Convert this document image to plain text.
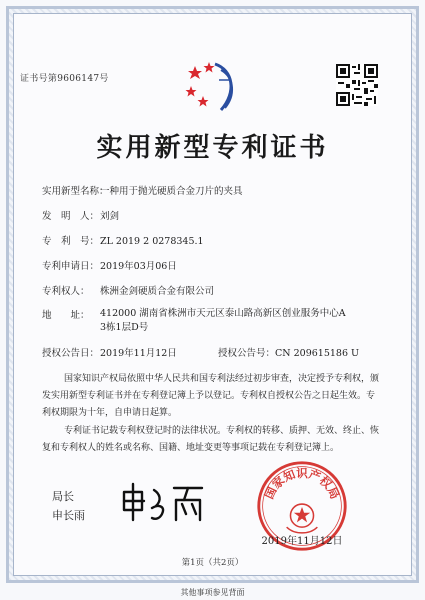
证书号第9606147号
实用新型专利证书
实用新型名称：一种用于抛光硬质合金刀片的夹具
发　明　人：刘剑
专　利　号：ZL 2019 2 0278345.1
专利申请日：2019年03月06日
专利权人： 株洲金剑硬质合金有限公司
地　　址： 412000 湖南省株洲市天元区泰山路高新区创业服务中心A
3栋1层D号
授权公告日：2019年11月12日	授权公告号：CN 209615186 U
国家知识产权局依照中华人民共和国专利法经过初步审查，决定授予专利权，颁发实用新型专利证书并在专利登记簿上予以登记。专利权自授权公告之日起生效。专利权期限为十年，自申请日起算。
专利证书记载专利权登记时的法律状况。专利权的转移、质押、无效、终止、恢复和专利权人的姓名或名称、国籍、地址变更等事项记载在专利登记簿上。
局长
申长雨
国家知识产权局
2019年11月12日
第1页（共2页）
其他事项参见背面
